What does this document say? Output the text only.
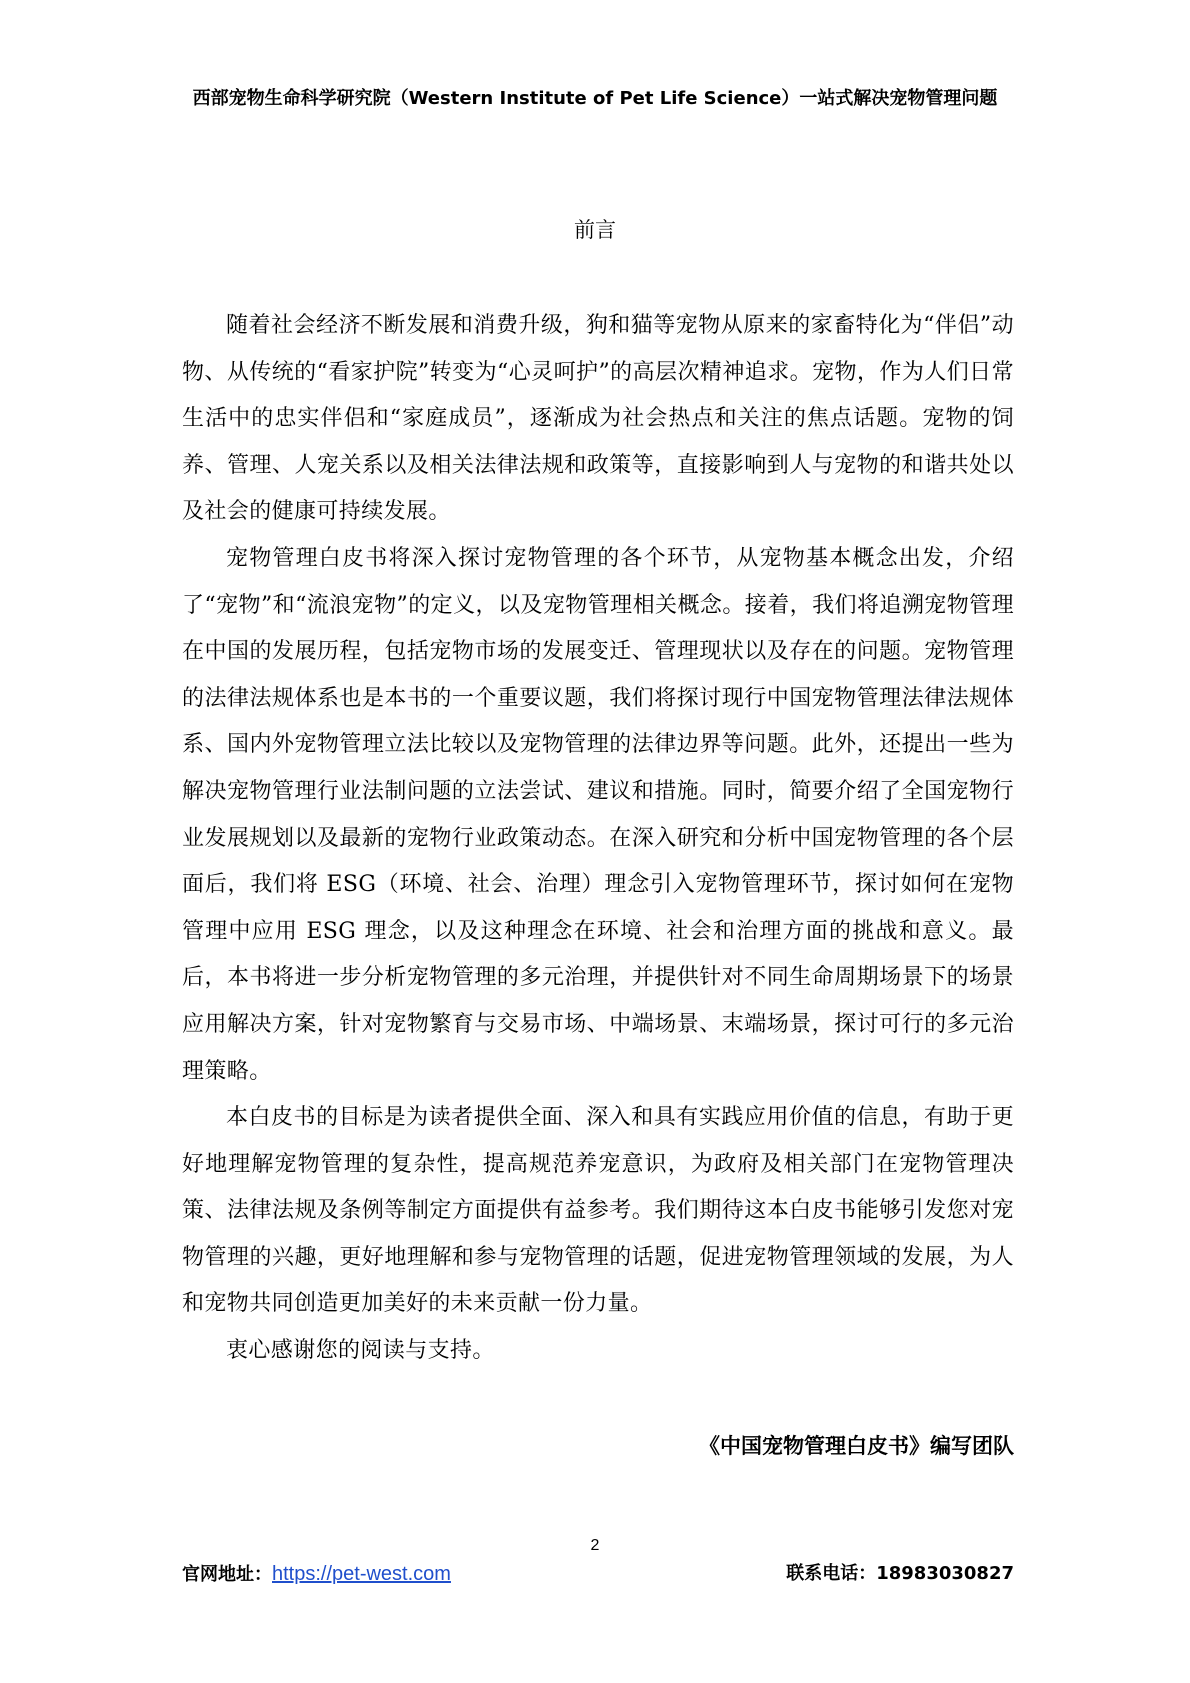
西部宠物生命科学研究院（Western Institute of Pet Life Science）一站式解决宠物管理问题
前言

随着社会经济不断发展和消费升级，狗和猫等宠物从原来的家畜特化为“伴侣”动物、从传统的“看家护院”转变为“心灵呵护”的高层次精神追求。宠物，作为人们日常生活中的忠实伴侣和“家庭成员”，逐渐成为社会热点和关注的焦点话题。宠物的饲养、管理、人宠关系以及相关法律法规和政策等，直接影响到人与宠物的和谐共处以及社会的健康可持续发展。

宠物管理白皮书将深入探讨宠物管理的各个环节，从宠物基本概念出发，介绍了“宠物”和“流浪宠物”的定义，以及宠物管理相关概念。接着，我们将追溯宠物管理在中国的发展历程，包括宠物市场的发展变迁、管理现状以及存在的问题。宠物管理的法律法规体系也是本书的一个重要议题，我们将探讨现行中国宠物管理法律法规体系、国内外宠物管理立法比较以及宠物管理的法律边界等问题。此外，还提出一些为解决宠物管理行业法制问题的立法尝试、建议和措施。同时，简要介绍了全国宠物行业发展规划以及最新的宠物行业政策动态。在深入研究和分析中国宠物管理的各个层面后，我们将 ESG（环境、社会、治理）理念引入宠物管理环节，探讨如何在宠物管理中应用 ESG 理念，以及这种理念在环境、社会和治理方面的挑战和意义。最后，本书将进一步分析宠物管理的多元治理，并提供针对不同生命周期场景下的场景应用解决方案，针对宠物繁育与交易市场、中端场景、末端场景，探讨可行的多元治理策略。

本白皮书的目标是为读者提供全面、深入和具有实践应用价值的信息，有助于更好地理解宠物管理的复杂性，提高规范养宠意识，为政府及相关部门在宠物管理决策、法律法规及条例等制定方面提供有益参考。我们期待这本白皮书能够引发您对宠物管理的兴趣，更好地理解和参与宠物管理的话题，促进宠物管理领域的发展，为人和宠物共同创造更加美好的未来贡献一份力量。

衷心感谢您的阅读与支持。

《中国宠物管理白皮书》编写团队
2
官网地址：https://pet-west.com	联系电话：18983030827
